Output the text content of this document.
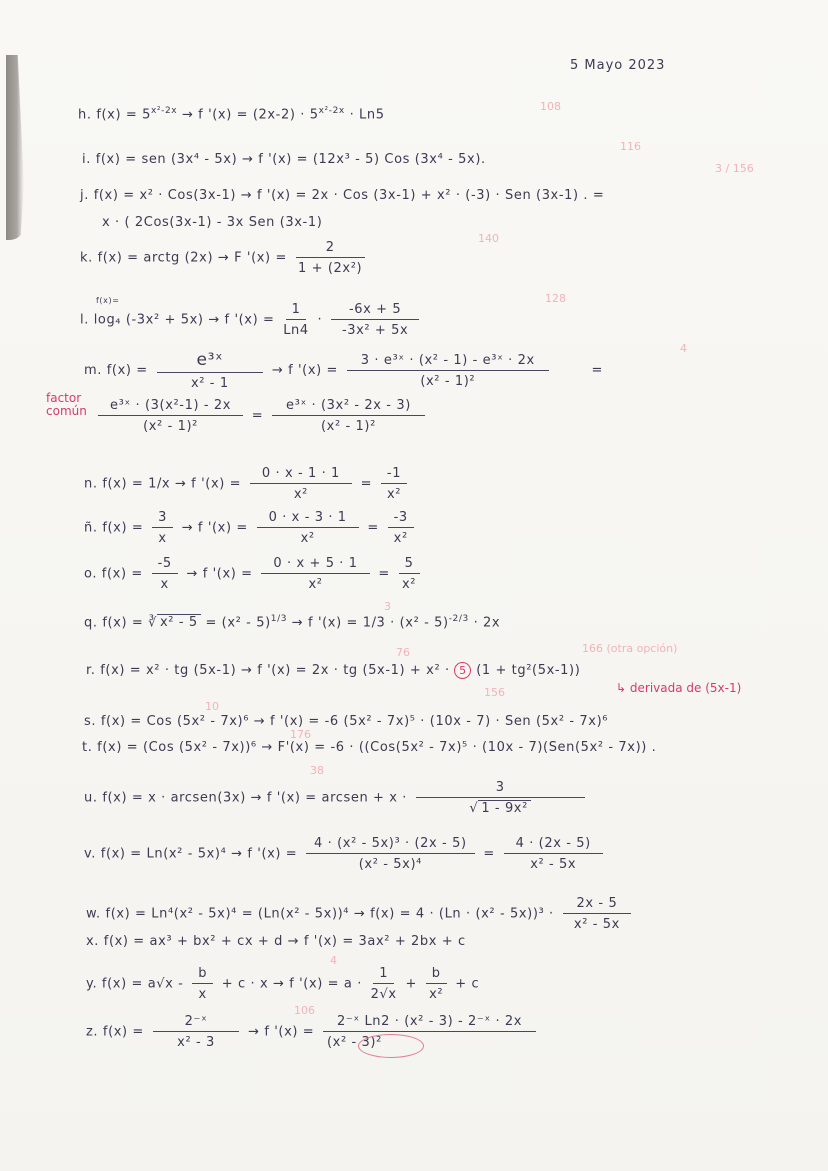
5 Mayo 2023
h. $f(x) = 5^{x^2-2x} \to f$ '$(x) = (2x-2) \cdot 5^{x^2-2x} \cdot Ln5$
108
i. f(x) = sen (3x⁴ - 5x) → f '(x) = (12x³ - 5) Cos (3x⁴ - 5x).
116
3 / 156
j. f(x) = x² · Cos(3x-1) → f '(x) = 2x · Cos (3x-1) + x² · (-3) · Sen (3x-1) . =
x · ( 2Cos(3x-1) - 3x Sen (3x-1)
k. f(x) = arctg (2x) → F '$(x) = \frac{2}{\text{1 + (2x²)}}$
140
f(x)=
l. log₄ (-3x² + 5x) → f '$(x) = \frac{1}{Ln4} \cdot \frac{-6x + 5}{\text{-3x² + 5x}}$
128
m. $f(x) = \frac{\text{e³ˣ}}{\text{x² - 1}} \to f$ '$(x) = \frac{\text{3 · e³ˣ · (x² - 1) - e³ˣ · 2x}}{\text{(x² - 1)²}}$	=
4
factor común $\frac{\text{e³ˣ · (3(x²-1) - 2x}}{\text{(x² - 1)²}} = \frac{\text{e³ˣ · (3x² - 2x - 3)}}{\text{(x² - 1)²}}$
n. f(x) = 1/x → f '$(x) = \frac{0 \cdot x - 1 \cdot 1}{\text{x²}} = \frac{-1}{\text{x²}}$
ñ. $f(x) = \frac{3}{x} \to f$ '$(x) = \frac{0 \cdot x - 3 \cdot 1}{\text{x²}} = \frac{-3}{\text{x²}}$
o. $f(x) = \frac{-5}{x} \to f$ '$(x) = \frac{0 \cdot x + 5 \cdot 1}{\text{x²}} = \frac{5}{\text{x²}}$
q. f(x) = ∛ x² - 5 = (x² - 5)$^{1/3}$ → f '(x) = 1/3 · (x² - 5)$^{-2/3}$ · 2x
3
166 (otra opción)
76
r. f(x) = x² · tg (5x-1) → f '(x) = 2x · tg (5x-1) + x² · 5 (1 + tg²(5x-1))
↳ derivada de (5x-1)
156
10
s. f(x) = Cos (5x² - 7x)⁶ → f '(x) = -6 (5x² - 7x)⁵ · (10x - 7) · Sen (5x² - 7x)⁶
176
t. f(x) = (Cos (5x² - 7x))⁶ → F'(x) = -6 · ((Cos(5x² - 7x)⁵ · (10x - 7)(Sen(5x² - 7x)) .
38
u. f(x) = x · arcsen(3x) → f '(x) = arcsen + $x \cdot \frac{3}{\text{√ 1 - 9x²}}$
v. f(x) = Ln(x² - 5x)⁴ → f '$(x) = \frac{\text{4 · (x² - 5x)³ · (2x - 5)}}{\text{(x² - 5x)⁴}} = \frac{4 \cdot (2x - 5)}{\text{x² - 5x}}$
w. $f(x) = Ln^4(x^2 - 5x)^4 = (Ln(x^2 - 5x))^4 \to f(x) = 4 \cdot (Ln \cdot (x^2 - 5x))^3 \cdot \frac{2x - 5}{\text{x² - 5x}}$
x. f(x) = ax³ + bx² + cx + d → f '(x) = 3ax² + 2bx + c
4
y. $f(x) = a√x - \frac{b}{x} + c \cdot x \to f$ '$(x) = a \cdot \frac{1}{2√x} + \frac{b}{\text{x²}} + c$
106
z. $f(x) = \frac{\text{2⁻ˣ}}{\text{x² - 3}} \to f$ '$(x) = \frac{\text{2⁻ˣ Ln2 · (x² - 3) - 2⁻ˣ · 2x}}{\text{(x² - 3)²}}$
